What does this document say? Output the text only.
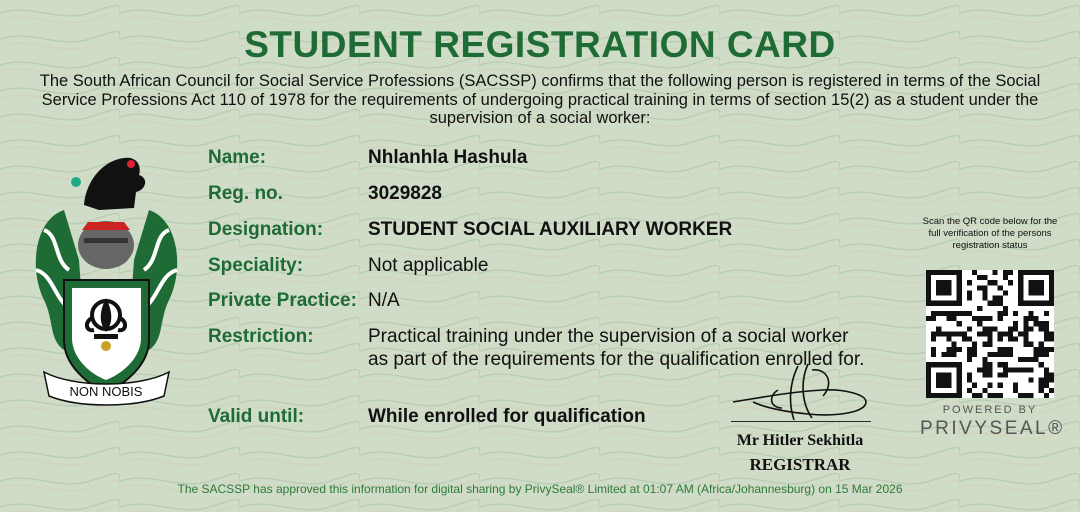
STUDENT REGISTRATION CARD
The South African Council for Social Service Professions (SACSSP) confirms that the following person is registered in terms of the Social Service Professions Act 110 of 1978 for the requirements of undergoing practical training in terms of section 15(2) as a student under the supervision of a social worker:
NON NOBIS
Name:	Nhlanhla Hashula
Reg. no.	3029828
Designation: STUDENT SOCIAL AUXILIARY WORKER
Speciality:	Not applicable
Private Practice: N/A
Restriction:	Practical training under the supervision of a social worker
as part of the requirements for the qualification enrolled for.
Valid until:	While enrolled for qualification
Mr Hitler Sekhitla
REGISTRAR
Scan the QR code below for the full verification of the persons registration status
POWERED BY
PRIVYSEAL®
The SACSSP has approved this information for digital sharing by PrivySeal® Limited at 01:07 AM (Africa/Johannesburg) on 15 Mar 2026
